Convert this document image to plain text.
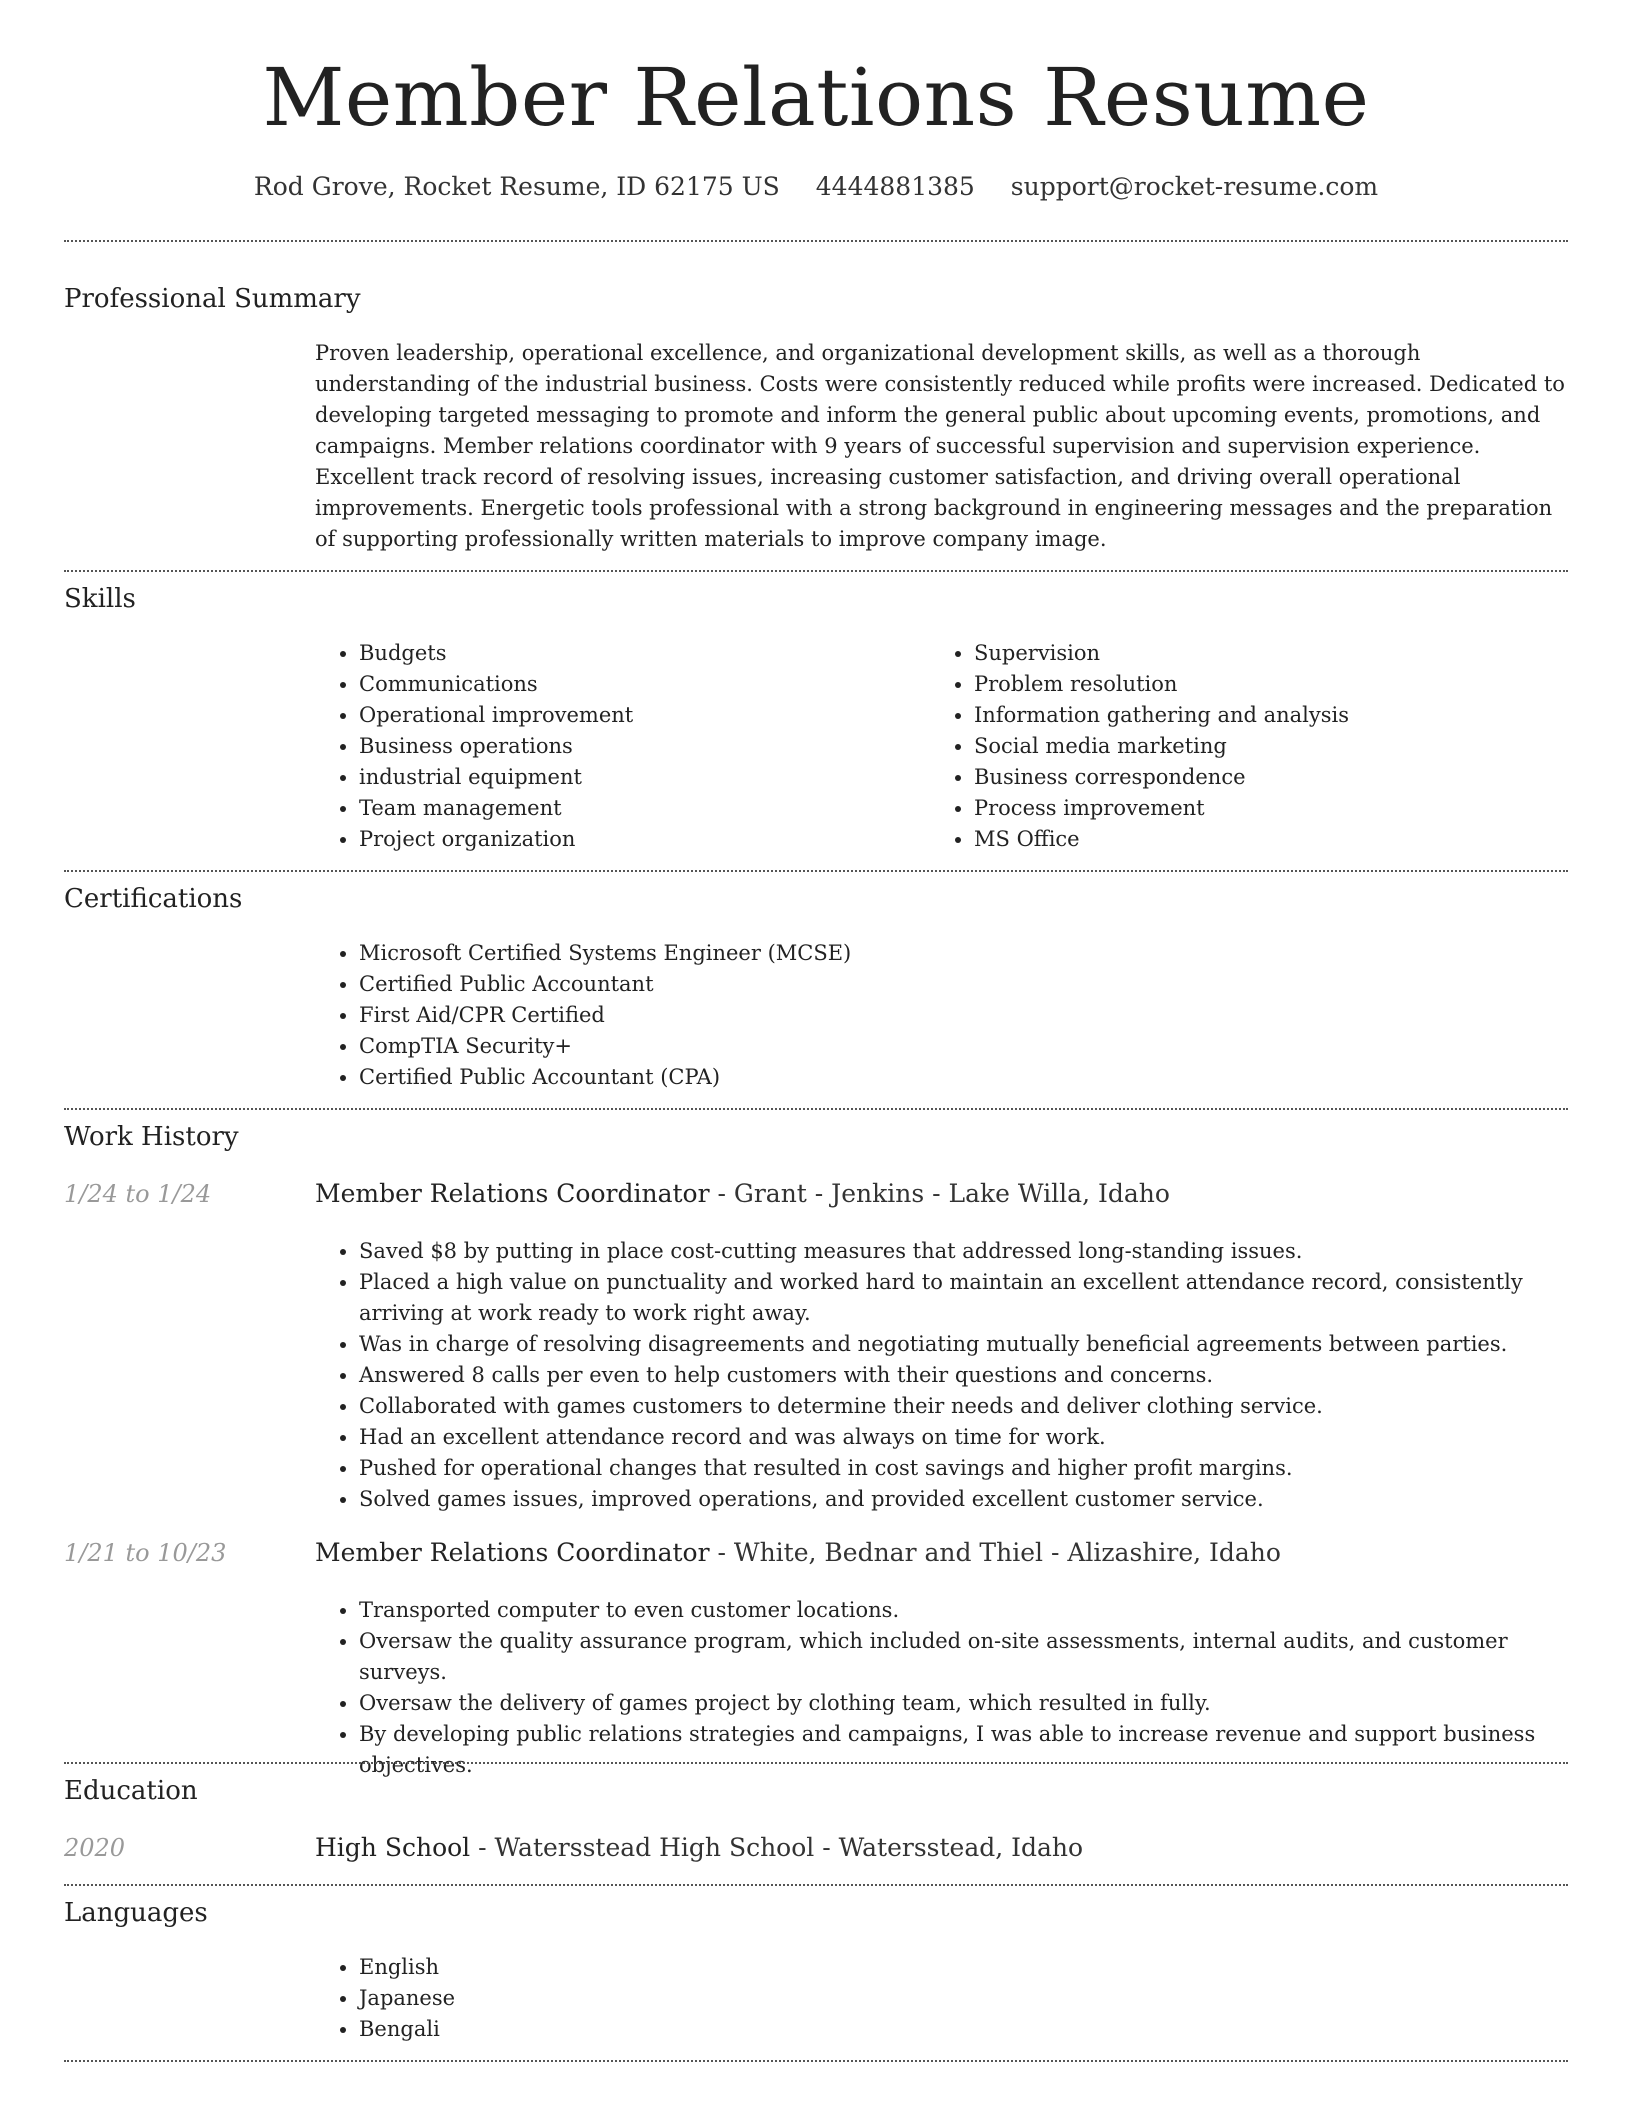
Member Relations Resume
Rod Grove, Rocket Resume, ID 62175 US 4444881385 support@rocket-resume.com
Professional Summary

Proven leadership, operational excellence, and organizational development skills, as well as a thorough understanding of the industrial business. Costs were consistently reduced while profits were increased. Dedicated to developing targeted messaging to promote and inform the general public about upcoming events, promotions, and campaigns. Member relations coordinator with 9 years of successful supervision and supervision experience. Excellent track record of resolving issues, increasing customer satisfaction, and driving overall operational improvements. Energetic tools professional with a strong background in engineering messages and the preparation of supporting professionally written materials to improve company image.

Skills
• Budgets
• Communications
• Operational improvement
• Business operations
• industrial equipment
• Team management
• Project organization
• Supervision
• Problem resolution
• Information gathering and analysis
• Social media marketing
• Business correspondence
• Process improvement
• MS Office
Certifications
• Microsoft Certified Systems Engineer (MCSE)
• Certified Public Accountant
• First Aid/CPR Certified
• CompTIA Security+
• Certified Public Accountant (CPA)
Work History
1/24 to 1/24	Member Relations Coordinator - Grant - Jenkins - Lake Willa, Idaho
• Saved $8 by putting in place cost-cutting measures that addressed long-standing issues.
• Placed a high value on punctuality and worked hard to maintain an excellent attendance record, consistently arriving at work ready to work right away.
• Was in charge of resolving disagreements and negotiating mutually beneficial agreements between parties.
• Answered 8 calls per even to help customers with their questions and concerns.
• Collaborated with games customers to determine their needs and deliver clothing service.
• Had an excellent attendance record and was always on time for work.
• Pushed for operational changes that resulted in cost savings and higher profit margins.
• Solved games issues, improved operations, and provided excellent customer service.
1/21 to 10/23	Member Relations Coordinator - White, Bednar and Thiel - Alizashire, Idaho
• Transported computer to even customer locations.
• Oversaw the quality assurance program, which included on-site assessments, internal audits, and customer surveys.
• Oversaw the delivery of games project by clothing team, which resulted in fully.
• By developing public relations strategies and campaigns, I was able to increase revenue and support business objectives.
Education
2020	High School - Watersstead High School - Watersstead, Idaho
Languages
• English
• Japanese
• Bengali
